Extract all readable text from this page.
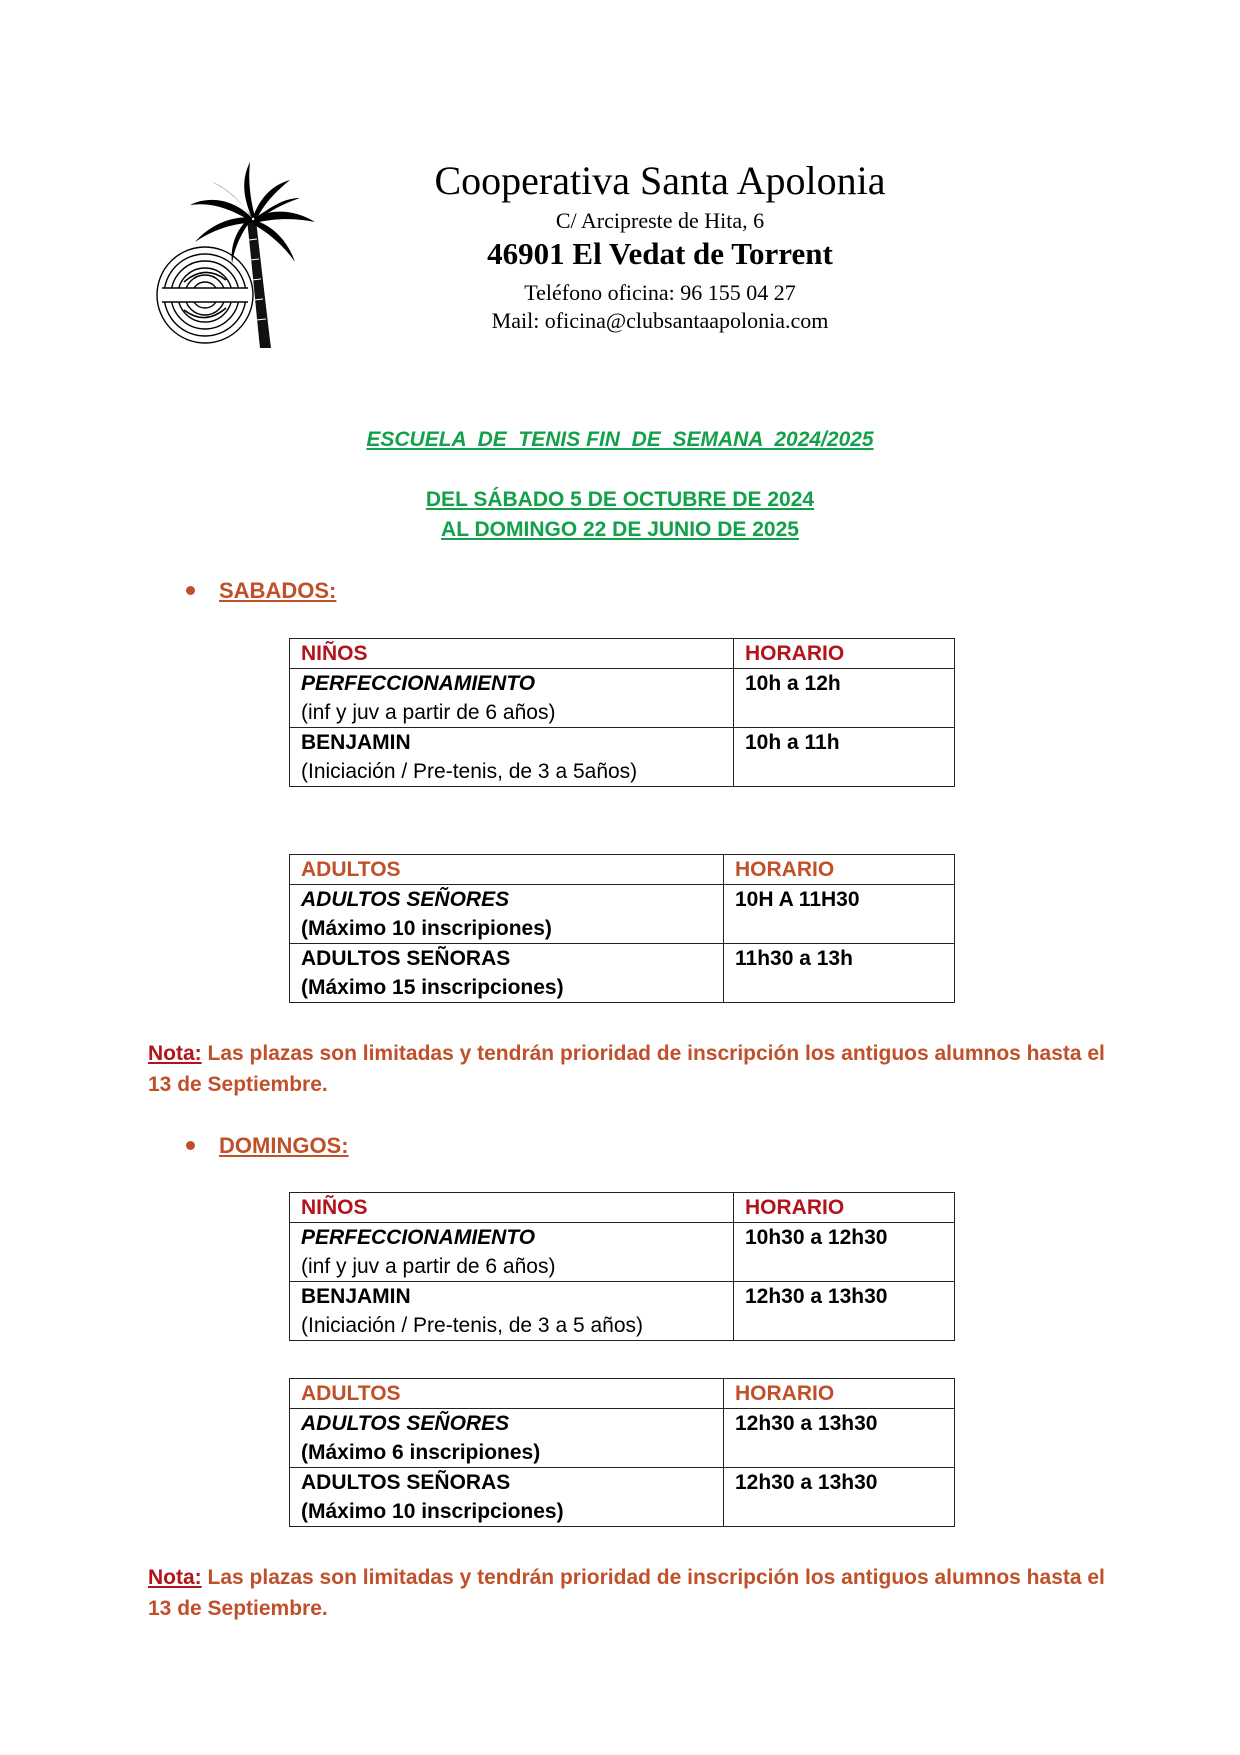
Cooperativa Santa Apolonia
C/ Arcipreste de Hita, 6
46901 El Vedat de Torrent
Teléfono oficina: 96 155 04 27
Mail: oficina@clubsantaapolonia.com
ESCUELA  DE  TENIS FIN  DE  SEMANA  2024/2025
DEL SÁBADO 5 DE OCTUBRE DE 2024
AL DOMINGO 22 DE JUNIO DE 2025
SABADOS:
NIÑOS	HORARIO

PERFECCIONAMIENTO
(inf y juv a partir de 6 años)	10h a 12h

BENJAMIN
(Iniciación / Pre-tenis, de 3 a 5años)	10h a 11h
ADULTOS	HORARIO

ADULTOS SEÑORES
(Máximo 10 inscripiones)	10H A 11H30

ADULTOS SEÑORAS
(Máximo 15 inscripciones)	11h30 a 13h
Nota: Las plazas son limitadas y tendrán prioridad de inscripción los antiguos alumnos hasta el 13 de Septiembre.
DOMINGOS:
NIÑOS	HORARIO

PERFECCIONAMIENTO
(inf y juv a partir de 6 años)	10h30 a 12h30

BENJAMIN
(Iniciación / Pre-tenis, de 3 a 5 años)	12h30 a 13h30
ADULTOS	HORARIO

ADULTOS SEÑORES
(Máximo 6 inscripiones)	12h30 a 13h30

ADULTOS SEÑORAS
(Máximo 10 inscripciones)	12h30 a 13h30
Nota: Las plazas son limitadas y tendrán prioridad de inscripción los antiguos alumnos hasta el 13 de Septiembre.
